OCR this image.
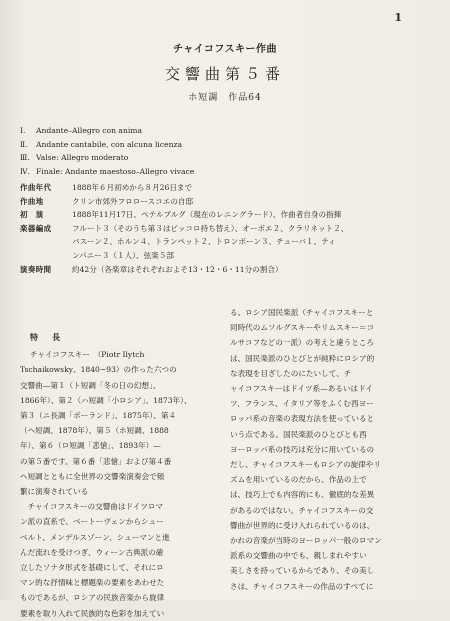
1
チャイコフスキー作曲
交響曲第５番
ホ短調　作品64
Ⅰ. Andante–Allegro con anima
Ⅱ. Andante cantabile, con alcuna licenza
Ⅲ. Valse: Allegro moderato
Ⅳ. Finale: Andante maestoso–Allegro vivace
作曲年代	1888年６月初めから８月26日まで
作曲地	クリン市郊外フロロースコエの自邸
初　演	1888年11月17日、ペテルブルグ（現在のレニングラード）、作曲者自身の指揮
楽器編成	フルート３（そのうち第３はピッコロ持ち替え）、オーボエ２、クラリネット２、
バスーン２、ホルン４、トランペット２、トロンボーン３、チューバ１、ティ
ンパニー３（１人）、弦楽５部
演奏時間	約42分（各楽章はそれぞれおよそ13・12・6・11分の割合）
特　長
チャイコフスキー　（Piotr Ilytch
Tschaikowsky、1840−93）の作った六つの
交響曲—第１（ト短調「冬の日の幻想」、
1866年）、第２（ハ短調「小ロシア」、1873年）、
第３（ニ長調「ポーランド」、1875年）、第４
（ヘ短調、1878年）、第５（ホ短調、1888
年）、第６（ロ短調「悲愴」、1893年）—
の第５番です。第６番「悲愴」および第４番
ヘ短調とともに全世界の交響楽演奏会で頻
繁に演奏されている
　チャイコフスキーの交響曲はドイツロマ
ン派の直系で、ベートーヴェンからシュー
ベルト、メンデルスゾーン、シューマンと進
んだ流れを受けつぎ、ウィーン古典派の確
立したソナタ形式を基礎にして、それにロ
マン的な抒情味と標題楽の要素をあわせた
ものであるが、ロシアの民族音楽から旋律
要素を取り入れて民族的な色彩を加えてい
る。ロシア国民楽派（チャイコフスキーと
同時代のムソルグスキーやリムスキー＝コ
ルサコフなどの一派）の考えと違うところ
は、国民楽派のひとびとが純粋にロシア的
な表現を目ざしたのにたいして、チ
ャイコフスキーはドイツ系—あるいはドイ
ツ、フランス、イタリア等をふくむ西ヨー
ロッパ系の音楽の表現方法を使っていると
いう点である。国民楽派のひとびとも西
ヨーロッパ系の技巧は充分に用いているの
だし、チャイコフスキーもロシアの旋律やリ
ズムを用いているのだから、作品の上で
は、技巧上でも内容的にも、徹底的な差異
があるのではない。チャイコフスキーの交
響曲が世界的に受け入れられているのは、
かれの音楽が当時のヨーロッパ一般のロマン
派系の交響曲の中でも、親しまれやすい
美しさを持っているからであり、その美し
さは、チャイコフスキーの作品のすべてに
